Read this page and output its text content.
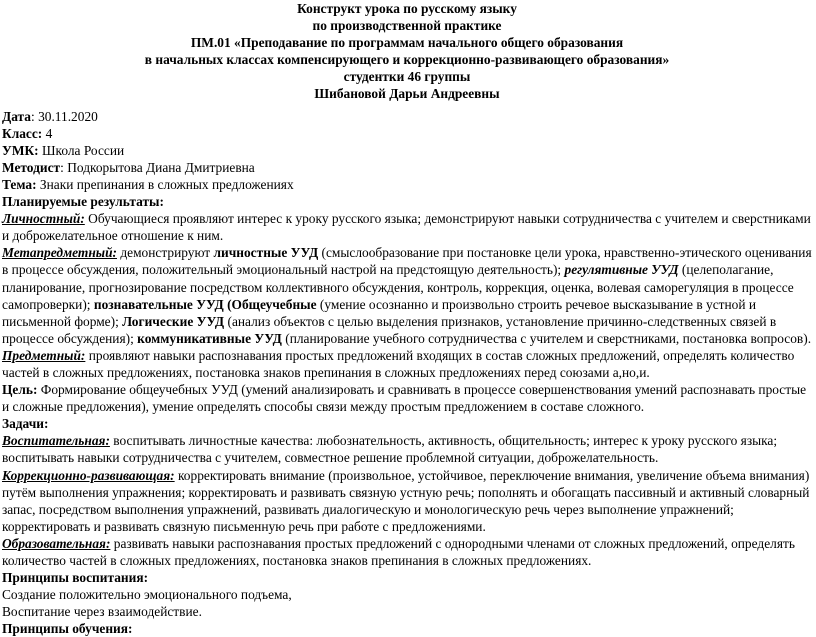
Конструкт урока по русскому языку

по производственной практике

ПМ.01 «Преподавание по программам начального общего образования

в начальных классах компенсирующего и коррекционно-развивающего образования»

студентки 46 группы

Шибановой Дарьи Андреевны

Дата: 30.11.2020

Класс: 4

УМК: Школа России

Методист: Подкорытова Диана Дмитриевна

Тема: Знаки препинания в сложных предложениях

Планируемые результаты:

Личностный: Обучающиеся проявляют интерес к уроку русского языка; демонстрируют навыки сотрудничества с учителем и сверстниками и доброжелательное отношение к ним.

Метапредметный: демонстрируют личностные УУД (смыслообразование при постановке цели урока, нравственно-этического оценивания в процессе обсуждения, положительный эмоциональный настрой на предстоящую деятельность); регулятивные УУД (целеполагание, планирование, прогнозирование посредством коллективного обсуждения, контроль, коррекция, оценка, волевая саморегуляция в процессе самопроверки); познавательные УУД (Общеучебные (умение осознанно и произвольно строить речевое высказывание в устной и письменной форме); Логические УУД (анализ объектов с целью выделения признаков, установление причинно-следственных связей в процессе обсуждения); коммуникативные УУД (планирование учебного сотрудничества с учителем и сверстниками, постановка вопросов).

Предметный: проявляют навыки распознавания простых предложений входящих в состав сложных предложений, определять количество частей в сложных предложениях, постановка знаков препинания в сложных предложениях перед союзами а,но,и.

Цель: Формирование общеучебных УУД (умений анализировать и сравнивать в процессе совершенствования умений распознавать простые и сложные предложения), умение определять способы связи между простым предложением в составе сложного.

Задачи:

Воспитательная: воспитывать личностные качества: любознательность, активность, общительность; интерес к уроку русского языка; воспитывать навыки сотрудничества с учителем, совместное решение проблемной ситуации, доброжелательность.

Коррекционно-развивающая: корректировать внимание (произвольное, устойчивое, переключение внимания, увеличение объема внимания) путём выполнения упражнения; корректировать и развивать связную устную речь; пополнять и обогащать пассивный и активный словарный запас, посредством выполнения упражнений, развивать диалогическую и монологическую речь через выполнение упражнений; корректировать и развивать связную письменную речь при работе с предложениями.

Образовательная: развивать навыки распознавания простых предложений с однородными членами от сложных предложений, определять количество частей в сложных предложениях, постановка знаков препинания в сложных предложениях.

Принципы воспитания:

Создание положительно эмоционального подъема,

Воспитание через взаимодействие.

Принципы обучения:
